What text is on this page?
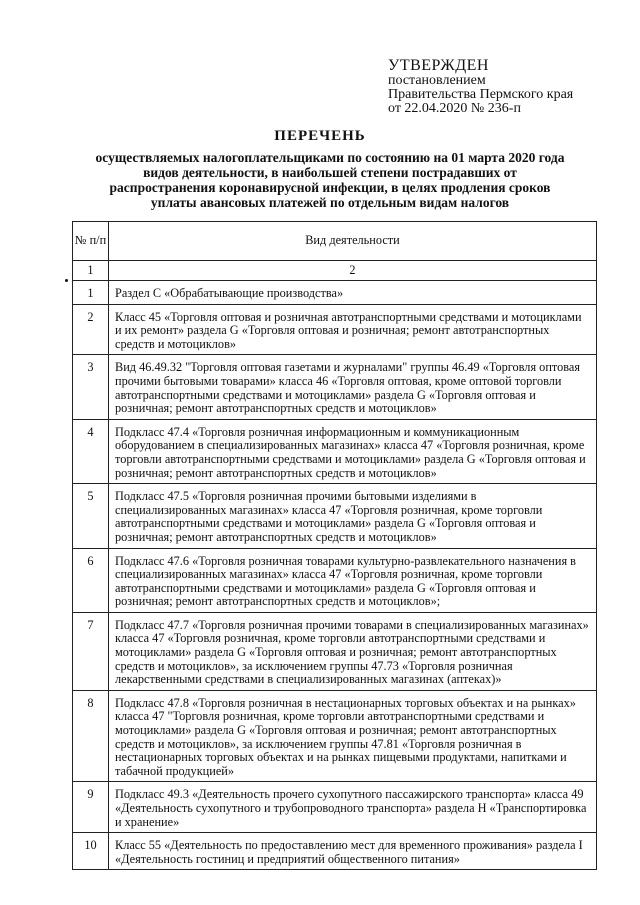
УТВЕРЖДЕН
постановлением
Правительства Пермского края
от 22.04.2020 № 236-п
ПЕРЕЧЕНЬ
осуществляемых налогоплательщиками по состоянию на 01 марта 2020 года видов деятельности, в наибольшей степени пострадавших от распространения коронавирусной инфекции, в целях продления сроков уплаты авансовых платежей по отдельным видам налогов
№ п/п	Вид деятельности
1	2
1	Раздел С «Обрабатывающие производства»
2	Класс 45 «Торговля оптовая и розничная автотранспортными средствами и мотоциклами и их ремонт» раздела G «Торговля оптовая и розничная; ремонт автотранспортных средств и мотоциклов»
3	Вид 46.49.32 "Торговля оптовая газетами и журналами" группы 46.49 «Торговля оптовая прочими бытовыми товарами» класса 46 «Торговля оптовая, кроме оптовой торговли автотранспортными средствами и мотоциклами» раздела G «Торговля оптовая и розничная; ремонт автотранспортных средств и мотоциклов»
4	Подкласс 47.4 «Торговля розничная информационным и коммуникационным оборудованием в специализированных магазинах» класса 47 «Торговля розничная, кроме торговли автотранспортными средствами и мотоциклами» раздела G «Торговля оптовая и розничная; ремонт автотранспортных средств и мотоциклов»
5	Подкласс 47.5 «Торговля розничная прочими бытовыми изделиями в специализированных магазинах» класса 47 «Торговля розничная, кроме торговли автотранспортными средствами и мотоциклами» раздела G «Торговля оптовая и розничная; ремонт автотранспортных средств и мотоциклов»
6	Подкласс 47.6 «Торговля розничная товарами культурно-развлекательного назначения в специализированных магазинах» класса 47 «Торговля розничная, кроме торговли автотранспортными средствами и мотоциклами» раздела G «Торговля оптовая и розничная; ремонт автотранспортных средств и мотоциклов»;
7	Подкласс 47.7 «Торговля розничная прочими товарами в специализированных магазинах» класса 47 «Торговля розничная, кроме торговли автотранспортными средствами и мотоциклами» раздела G «Торговля оптовая и розничная; ремонт автотранспортных средств и мотоциклов», за исключением группы 47.73 «Торговля розничная лекарственными средствами в специализированных магазинах (аптеках)»
8	Подкласс 47.8 «Торговля розничная в нестационарных торговых объектах и на рынках» класса 47 "Торговля розничная, кроме торговли автотранспортными средствами и мотоциклами» раздела G «Торговля оптовая и розничная; ремонт автотранспортных средств и мотоциклов», за исключением группы 47.81 «Торговля розничная в нестационарных торговых объектах и на рынках пищевыми продуктами, напитками и табачной продукцией»
9	Подкласс 49.3 «Деятельность прочего сухопутного пассажирского транспорта» класса 49 «Деятельность сухопутного и трубопроводного транспорта» раздела Н «Транспортировка и хранение»
10	Класс 55 «Деятельность по предоставлению мест для временного проживания» раздела I «Деятельность гостиниц и предприятий общественного питания»
